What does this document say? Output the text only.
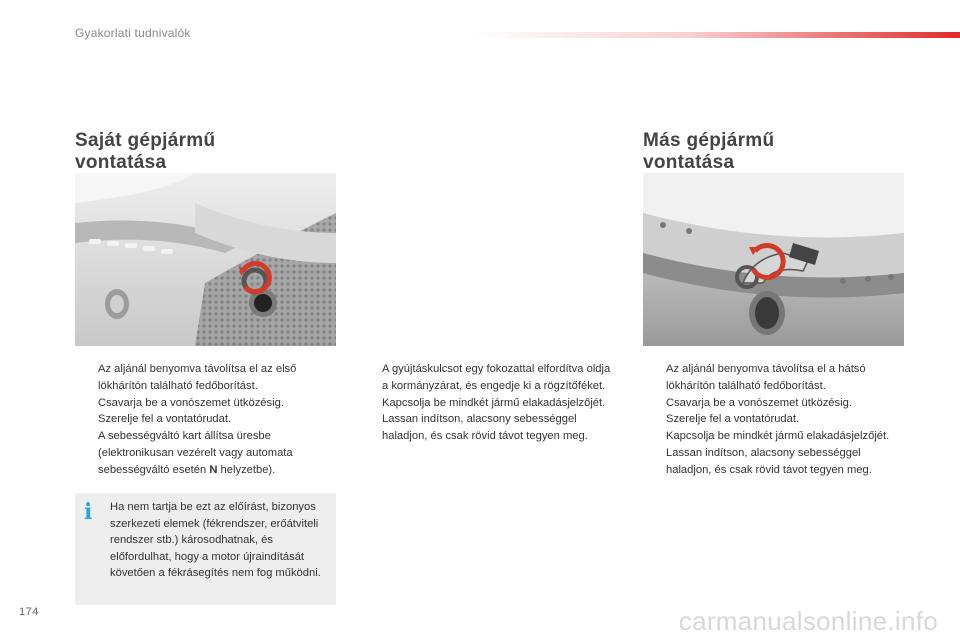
Gyakorlati tudnivalók
Saját gépjármű
vontatása
Más gépjármű
vontatása
Az aljánál benyomva távolítsa el az első lökhárítón található fedőborítást.
Csavarja be a vonószemet ütközésig.
Szerelje fel a vontatórudat.
A sebességváltó kart állítsa üresbe (elektronikusan vezérelt vagy automata sebességváltó esetén N helyzetbe).
A gyújtáskulcsot egy fokozattal elfordítva oldja a kormányzárat, és engedje ki a rögzítőféket.
Kapcsolja be mindkét jármű elakadásjelzőjét.
Lassan indítson, alacsony sebességgel haladjon, és csak rövid távot tegyen meg.
Az aljánál benyomva távolítsa el a hátsó lökhárítón található fedőborítást.
Csavarja be a vonószemet ütközésig.
Szerelje fel a vontatórudat.
Kapcsolja be mindkét jármű elakadásjelzőjét.
Lassan indítson, alacsony sebességgel haladjon, és csak rövid távot tegyen meg.
i Ha nem tartja be ezt az előírást, bizonyos szerkezeti elemek (fékrendszer, erőátviteli rendszer stb.) károsodhatnak, és előfordulhat, hogy a motor újraindítását követően a fékrásegítés nem fog működni.
174	carmanualsonline.info
